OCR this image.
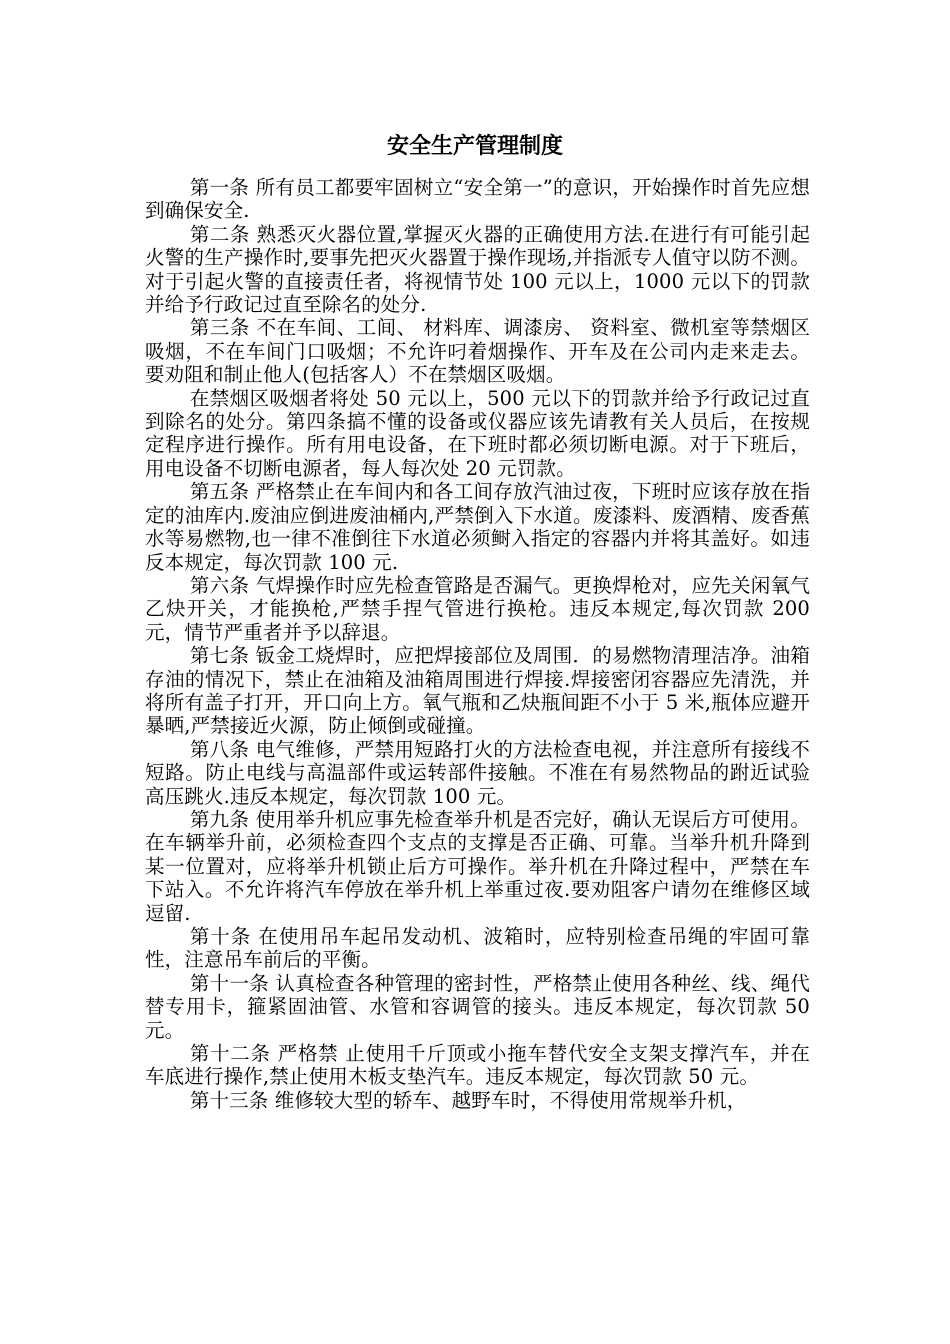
安全生产管理制度

第一条 所有员工都要牢固树立“安全第一”的意识，开始操作时首先应想到确保安全.

第二条 熟悉灭火器位置,掌握灭火器的正确使用方法.在进行有可能引起火警的生产操作时,要事先把灭火器置于操作现场,并指派专人值守以防不测。对于引起火警的直接责任者，将视情节处 100 元以上，1000 元以下的罚款并给予行政记过直至除名的处分.

第三条 不在车间、工间、 材料库、调漆房、 资料室、微机室等禁烟区吸烟，不在车间门口吸烟；不允许叼着烟操作、开车及在公司内走来走去。要劝阻和制止他人(包括客人）不在禁烟区吸烟。

在禁烟区吸烟者将处 50 元以上，500 元以下的罚款并给予行政记过直到除名的处分。第四条搞不懂的设备或仪器应该先请教有关人员后，在按规定程序进行操作。所有用电设备，在下班时都必须切断电源。对于下班后，用电设备不切断电源者，每人每次处 20 元罚款。

第五条 严格禁止在车间内和各工间存放汽油过夜，下班时应该存放在指定的油库内.废油应倒进废油桶内,严禁倒入下水道。废漆料、废酒精、废香蕉水等易燃物,也一律不准倒往下水道必须鲥入指定的容器内并将其盖好。如违反本规定，每次罚款 100 元.

第六条 气焊操作时应先检查管路是否漏气。更换焊枪对，应先关闲氧气乙炔开关，才能换枪,严禁手捏气管进行换枪。违反本规定,每次罚款 200 元，情节严重者并予以辞退。

第七条 钣金工烧焊时，应把焊接部位及周围．的易燃物清理洁净。油箱存油的情况下，禁止在油箱及油箱周围进行焊接.焊接密闭容器应先清洗，并将所有盖子打开，开口向上方。氧气瓶和乙炔瓶间距不小于 5 米,瓶体应避开暴晒,严禁接近火源，防止倾倒或碰撞。

第八条 电气维修，严禁用短路打火的方法检查电视，并注意所有接线不短路。防止电线与高温部件或运转部件接触。不准在有易然物品的跗近试验高压跳火.违反本规定，每次罚款 100 元。

第九条 使用举升机应事先检查举升机是否完好，确认无误后方可使用。在车辆举升前，必须检查四个支点的支撑是否正确、可靠。当举升机升降到某一位置对，应将举升机锁止后方可操作。举升机在升降过程中，严禁在车下站入。不允许将汽车停放在举升机上举重过夜.要劝阻客户请勿在维修区域逗留.

第十条 在使用吊车起吊发动机、波箱时，应特别检查吊绳的牢固可靠性，注意吊车前后的平衡。

第十一条 认真检查各种管理的密封性，严格禁止使用各种丝、线、绳代替专用卡，箍紧固油管、水管和容调管的接头。违反本规定，每次罚款 50 元。

第十二条 严格禁 止使用千斤顶或小拖车替代安全支架支撑汽车，并在车底进行操作,禁止使用木板支垫汽车。违反本规定，每次罚款 50 元。

第十三条 维修较大型的轿车、越野车时，不得使用常规举升机，
